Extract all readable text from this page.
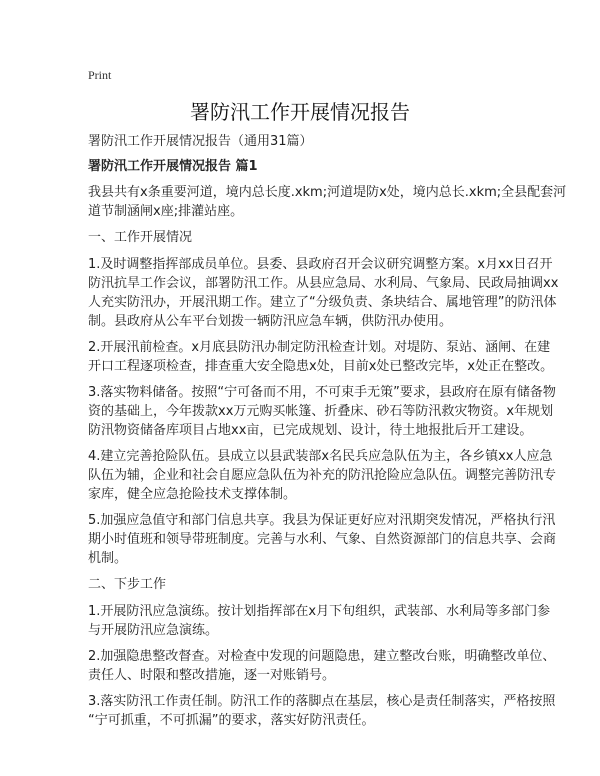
Print
署防汛工作开展情况报告

署防汛工作开展情况报告（通用31篇）

署防汛工作开展情况报告 篇1

我县共有x条重要河道，境内总长度.xkm;河道堤防x处，境内总长.xkm;全县配套河
道节制涵闸x座;排灌站座。

一、工作开展情况

1.及时调整指挥部成员单位。县委、县政府召开会议研究调整方案。x月xx日召开
防汛抗旱工作会议，部署防汛工作。从县应急局、水利局、气象局、民政局抽调xx
人充实防汛办，开展汛期工作。建立了“分级负责、条块结合、属地管理”的防汛体
制。县政府从公车平台划拨一辆防汛应急车辆，供防汛办使用。

2.开展汛前检查。x月底县防汛办制定防汛检查计划。对堤防、泵站、涵闸、在建
开口工程逐项检查，排查重大安全隐患x处，目前x处已整改完毕，x处正在整改。

3.落实物料储备。按照“宁可备而不用，不可束手无策”要求，县政府在原有储备物
资的基础上，今年拨款xx万元购买帐篷、折叠床、砂石等防汛救灾物资。x年规划
防汛物资储备库项目占地xx亩，已完成规划、设计，待土地报批后开工建设。

4.建立完善抢险队伍。县成立以县武装部x名民兵应急队伍为主，各乡镇xx人应急
队伍为辅，企业和社会自愿应急队伍为补充的防汛抢险应急队伍。调整完善防汛专
家库，健全应急抢险技术支撑体制。

5.加强应急值守和部门信息共享。我县为保证更好应对汛期突发情况，严格执行汛
期小时值班和领导带班制度。完善与水利、气象、自然资源部门的信息共享、会商
机制。

二、下步工作

1.开展防汛应急演练。按计划指挥部在x月下旬组织，武装部、水利局等多部门参
与开展防汛应急演练。

2.加强隐患整改督查。对检查中发现的问题隐患，建立整改台账，明确整改单位、
责任人、时限和整改措施，逐一对账销号。

3.落实防汛工作责任制。防汛工作的落脚点在基层，核心是责任制落实，严格按照
“宁可抓重，不可抓漏”的要求，落实好防汛责任。
